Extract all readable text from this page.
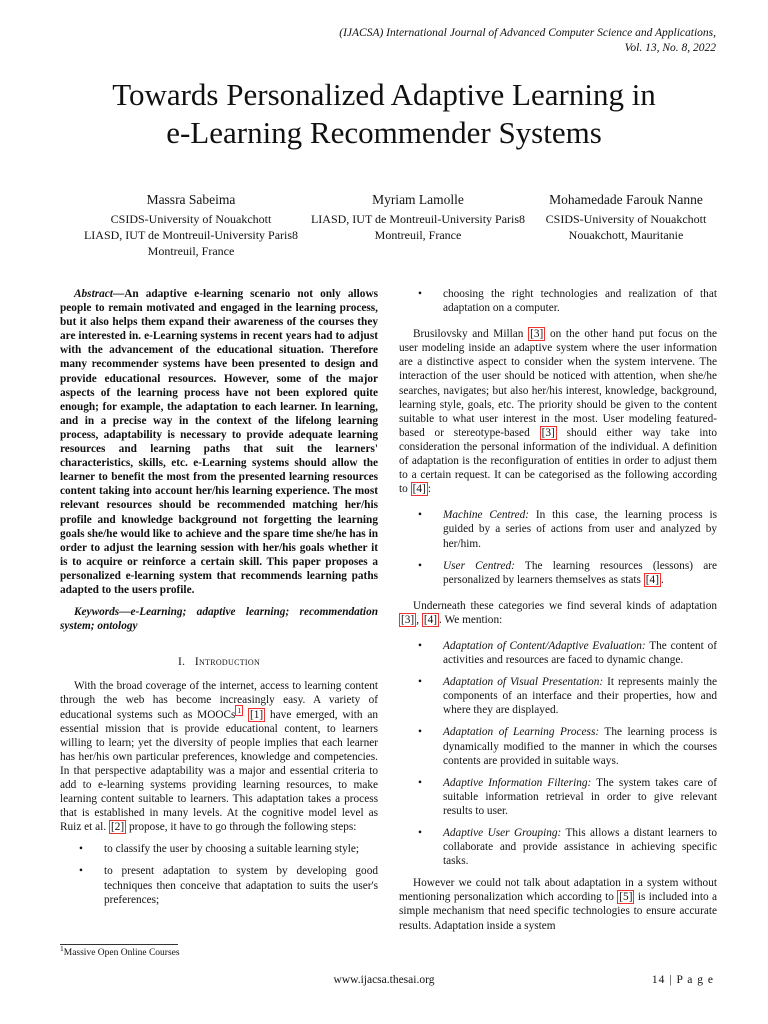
(IJACSA) International Journal of Advanced Computer Science and Applications,
Vol. 13, No. 8, 2022
Towards Personalized Adaptive Learning in
e-Learning Recommender Systems
Massra Sabeima
CSIDS-University of Nouakchott
LIASD, IUT de Montreuil-University Paris8
Montreuil, France
Myriam Lamolle
LIASD, IUT de Montreuil-University Paris8
Montreuil, France
Mohamedade Farouk Nanne
CSIDS-University of Nouakchott
Nouakchott, Mauritanie

Abstract—An adaptive e-learning scenario not only allows people to remain motivated and engaged in the learning process, but it also helps them expand their awareness of the courses they are interested in. e-Learning systems in recent years had to adjust with the advancement of the educational situation. Therefore many recommender systems have been presented to design and provide educational resources. However, some of the major aspects of the learning process have not been explored quite enough; for example, the adaptation to each learner. In learning, and in a precise way in the context of the lifelong learning process, adaptability is necessary to provide adequate learning resources and learning paths that suit the learners' characteristics, skills, etc. e-Learning systems should allow the learner to benefit the most from the presented learning resources content taking into account her/his learning experience. The most relevant resources should be recommended matching her/his profile and knowledge background not forgetting the learning goals she/he would like to achieve and the spare time she/he has in order to adjust the learning session with her/his goals whether it is to acquire or reinforce a certain skill. This paper proposes a personalized e-learning system that recommends learning paths adapted to the users profile.

Keywords—e-Learning; adaptive learning; recommendation system; ontology

I. Introduction

With the broad coverage of the internet, access to learning content through the web has become increasingly easy. A variety of educational systems such as MOOCs $^1$ [1] have emerged, with an essential mission that is provide educational content, to learners willing to learn; yet the diversity of people implies that each learner has her/his own particular preferences, knowledge and competencies. In that perspective adaptability was a major and essential criteria to add to e-learning systems providing learning resources, to make learning content suitable to learners. This adaptation takes a process that is established in many levels. At the cognitive model level as Ruiz et al. [2] propose, it have to go through the following steps:

• to classify the user by choosing a suitable learning style;
• to present adaptation to system by developing good techniques then conceive that adaptation to suits the user's preferences;
$^1$Massive Open Online Courses
• choosing the right technologies and realization of that adaptation on a computer.

Brusilovsky and Millan [3] on the other hand put focus on the user modeling inside an adaptive system where the user information are a distinctive aspect to consider when the system intervene. The interaction of the user should be noticed with attention, when she/he searches, navigates; but also her/his interest, knowledge, background, learning style, goals, etc. The priority should be given to the content suitable to what user interest in the most. User modeling featured-based or stereotype-based [3] should either way take into consideration the personal information of the individual. A definition of adaptation is the reconfiguration of entities in order to adjust them to a certain request. It can be categorised as the following according to [4] :

• Machine Centred: In this case, the learning process is guided by a series of actions from user and analyzed by her/him.
• User Centred: The learning resources (lessons) are personalized by learners themselves as stats [4] .

Underneath these categories we find several kinds of adaptation [3] , [4] . We mention:

• Adaptation of Content/Adaptive Evaluation: The content of activities and resources are faced to dynamic change.
• Adaptation of Visual Presentation: It represents mainly the components of an interface and their properties, how and where they are displayed.
• Adaptation of Learning Process: The learning process is dynamically modified to the manner in which the courses contents are provided in suitable ways.
• Adaptive Information Filtering: The system takes care of suitable information retrieval in order to give relevant results to user.
• Adaptive User Grouping: This allows a distant learners to collaborate and provide assistance in achieving specific tasks.

However we could not talk about adaptation in a system without mentioning personalization which according to [5] is included into a simple mechanism that need specific technologies to ensure accurate results. Adaptation inside a system

www.ijacsa.thesai.org	14 | P a g e
